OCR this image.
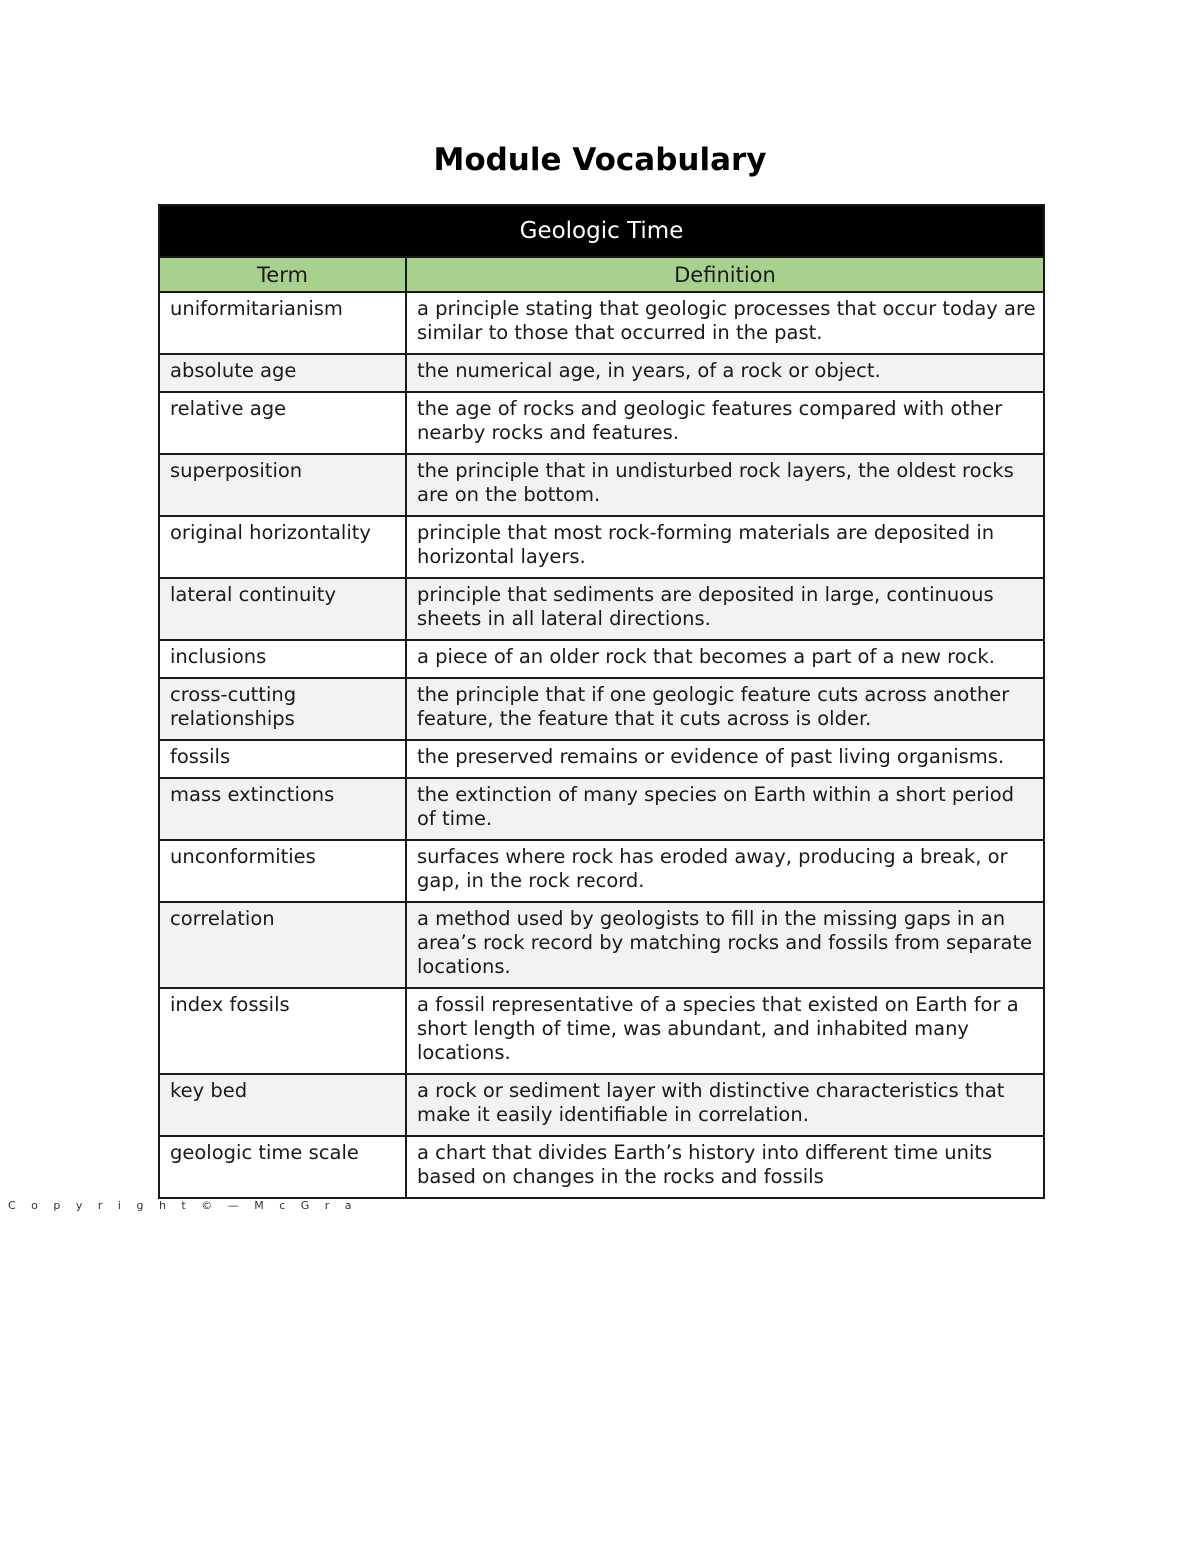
Module Vocabulary
Geologic Time	
Term	Definition
uniformitarianism	a principle stating that geologic processes that occur today are similar to those that occurred in the past.
absolute age	the numerical age, in years, of a rock or object.
relative age	the age of rocks and geologic features compared with other nearby rocks and features.
superposition	the principle that in undisturbed rock layers, the oldest rocks are on the bottom.
original horizontality	principle that most rock-forming materials are deposited in horizontal layers.
lateral continuity	principle that sediments are deposited in large, continuous sheets in all lateral directions.
inclusions	a piece of an older rock that becomes a part of a new rock.
cross-cutting relationships	the principle that if one geologic feature cuts across another feature, the feature that it cuts across is older.
fossils	the preserved remains or evidence of past living organisms.
mass extinctions	the extinction of many species on Earth within a short period of time.
unconformities	surfaces where rock has eroded away, producing a break, or gap, in the rock record.
correlation	a method used by geologists to fill in the missing gaps in an area’s rock record by matching rocks and fossils from separate locations.
index fossils	a fossil representative of a species that existed on Earth for a short length of time, was abundant, and inhabited many locations.
key bed	a rock or sediment layer with distinctive characteristics that make it easily identifiable in correlation.
geologic time scale	a chart that divides Earth’s history into different time units based on changes in the rocks and fossils
C o p y r i g h t © — M c G r a
